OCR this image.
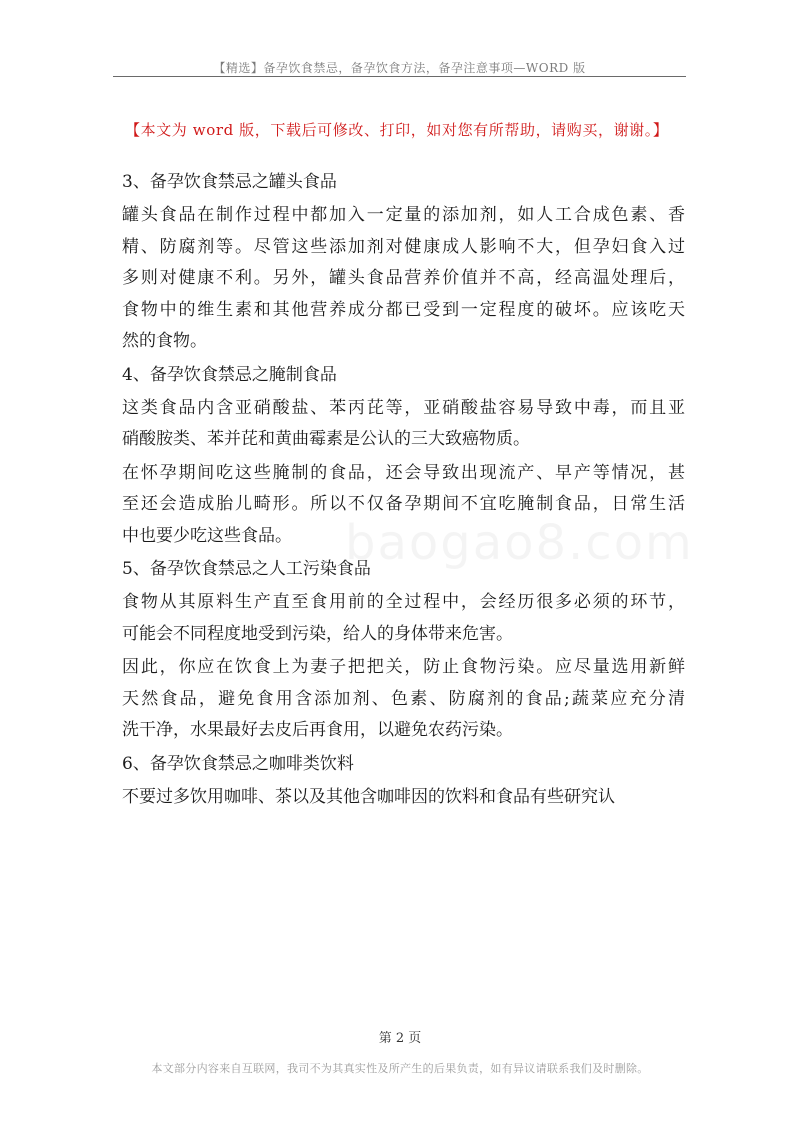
【精选】备孕饮食禁忌，备孕饮食方法，备孕注意事项—WORD 版
【本文为 word 版，下载后可修改、打印，如对您有所帮助，请购买，谢谢。】
3、备孕饮食禁忌之罐头食品
罐头食品在制作过程中都加入一定量的添加剂，如人工合成色素、香
精、防腐剂等。尽管这些添加剂对健康成人影响不大，但孕妇食入过
多则对健康不利。另外，罐头食品营养价值并不高，经高温处理后，
食物中的维生素和其他营养成分都已受到一定程度的破坏。应该吃天
然的食物。
4、备孕饮食禁忌之腌制食品
这类食品内含亚硝酸盐、苯丙芘等，亚硝酸盐容易导致中毒，而且亚
硝酸胺类、苯并芘和黄曲霉素是公认的三大致癌物质。
在怀孕期间吃这些腌制的食品，还会导致出现流产、早产等情况，甚
至还会造成胎儿畸形。所以不仅备孕期间不宜吃腌制食品，日常生活
中也要少吃这些食品。
5、备孕饮食禁忌之人工污染食品
食物从其原料生产直至食用前的全过程中，会经历很多必须的环节，
可能会不同程度地受到污染，给人的身体带来危害。
因此，你应在饮食上为妻子把把关，防止食物污染。应尽量选用新鲜
天然食品，避免食用含添加剂、色素、防腐剂的食品;蔬菜应充分清
洗干净，水果最好去皮后再食用，以避免农药污染。
6、备孕饮食禁忌之咖啡类饮料
不要过多饮用咖啡、茶以及其他含咖啡因的饮料和食品有些研究认
第 2 页
本文部分内容来自互联网，我司不为其真实性及所产生的后果负责，如有异议请联系我们及时删除。
